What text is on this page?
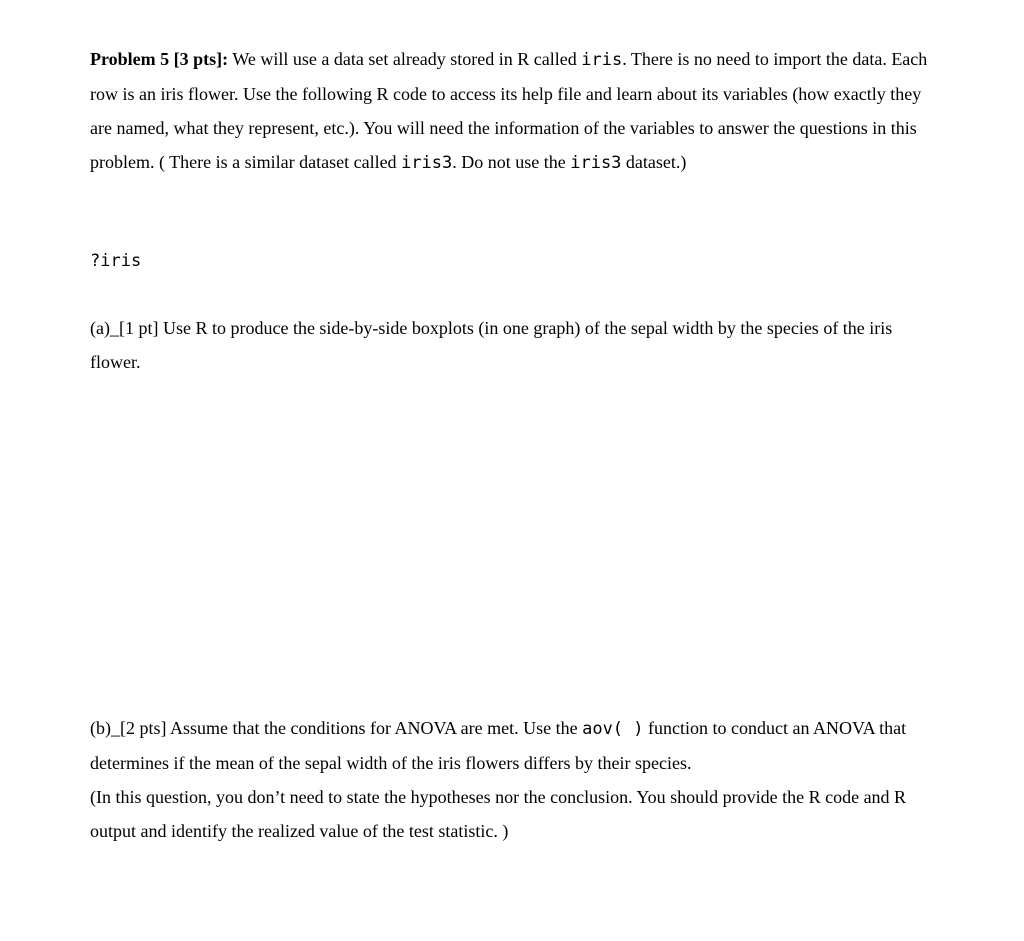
Problem 5 [3 pts]: We will use a data set already stored in R called iris. There is no need to import the data. Each row is an iris flower. Use the following R code to access its help file and learn about its variables (how exactly they are named, what they represent, etc.). You will need the information of the variables to answer the questions in this problem. ( There is a similar dataset called iris3. Do not use the iris3 dataset.)

?iris

(a)_[1 pt] Use R to produce the side-by-side boxplots (in one graph) of the sepal width by the species of the iris flower.

(b)_[2 pts] Assume that the conditions for ANOVA are met. Use the aov( ) function to conduct an ANOVA that determines if the mean of the sepal width of the iris flowers differs by their species.

(In this question, you don’t need to state the hypotheses nor the conclusion. You should provide the R code and R output and identify the realized value of the test statistic. )
